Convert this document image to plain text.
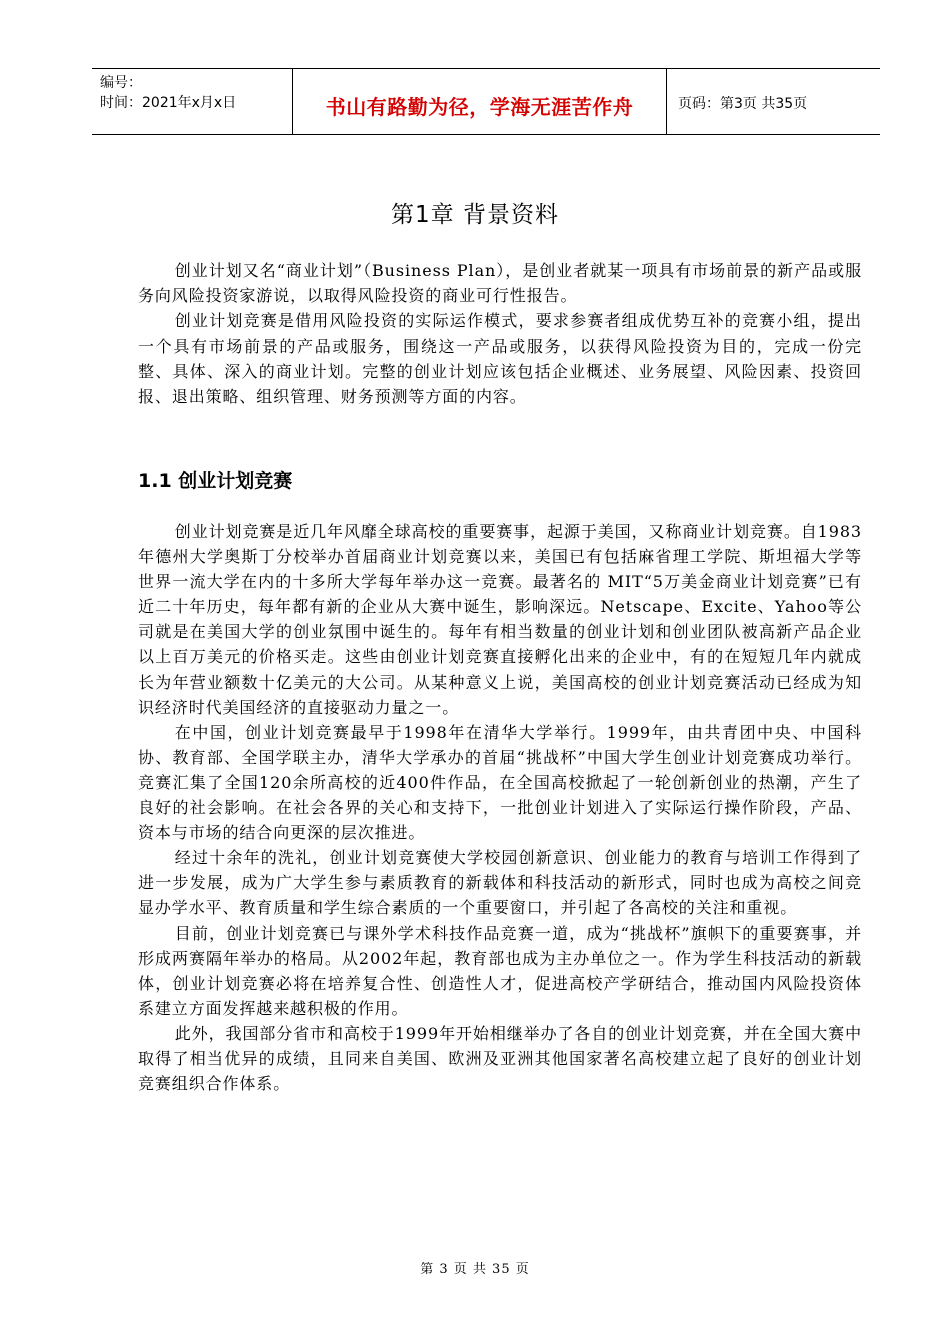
编号：
时间：2021年x月x日	书山有路勤为径，学海无涯苦作舟	页码：第3页 共35页
第1章 背景资料

创业计划又名“商业计划”（Business Plan），是创业者就某一项具有市场前景的新产品或服务向风险投资家游说，以取得风险投资的商业可行性报告。

创业计划竞赛是借用风险投资的实际运作模式，要求参赛者组成优势互补的竞赛小组，提出一个具有市场前景的产品或服务，围绕这一产品或服务，以获得风险投资为目的，完成一份完整、具体、深入的商业计划。完整的创业计划应该包括企业概述、业务展望、风险因素、投资回报、退出策略、组织管理、财务预测等方面的内容。

1.1 创业计划竞赛

创业计划竞赛是近几年风靡全球高校的重要赛事，起源于美国，又称商业计划竞赛。自1983年德州大学奥斯丁分校举办首届商业计划竞赛以来，美国已有包括麻省理工学院、斯坦福大学等世界一流大学在内的十多所大学每年举办这一竞赛。最著名的 MIT“5万美金商业计划竞赛”已有近二十年历史，每年都有新的企业从大赛中诞生，影响深远。Netscape、Excite、Yahoo等公司就是在美国大学的创业氛围中诞生的。每年有相当数量的创业计划和创业团队被高新产品企业以上百万美元的价格买走。这些由创业计划竞赛直接孵化出来的企业中，有的在短短几年内就成长为年营业额数十亿美元的大公司。从某种意义上说，美国高校的创业计划竞赛活动已经成为知识经济时代美国经济的直接驱动力量之一。

在中国，创业计划竞赛最早于1998年在清华大学举行。1999年，由共青团中央、中国科协、教育部、全国学联主办，清华大学承办的首届“挑战杯”中国大学生创业计划竞赛成功举行。竞赛汇集了全国120余所高校的近400件作品，在全国高校掀起了一轮创新创业的热潮，产生了良好的社会影响。在社会各界的关心和支持下，一批创业计划进入了实际运行操作阶段，产品、资本与市场的结合向更深的层次推进。

经过十余年的洗礼，创业计划竞赛使大学校园创新意识、创业能力的教育与培训工作得到了进一步发展，成为广大学生参与素质教育的新载体和科技活动的新形式，同时也成为高校之间竞显办学水平、教育质量和学生综合素质的一个重要窗口，并引起了各高校的关注和重视。

目前，创业计划竞赛已与课外学术科技作品竞赛一道，成为“挑战杯”旗帜下的重要赛事，并形成两赛隔年举办的格局。从2002年起，教育部也成为主办单位之一。作为学生科技活动的新载体，创业计划竞赛必将在培养复合性、创造性人才，促进高校产学研结合，推动国内风险投资体系建立方面发挥越来越积极的作用。

此外，我国部分省市和高校于1999年开始相继举办了各自的创业计划竞赛，并在全国大赛中取得了相当优异的成绩，且同来自美国、欧洲及亚洲其他国家著名高校建立起了良好的创业计划竞赛组织合作体系。

第 3 页 共 35 页
